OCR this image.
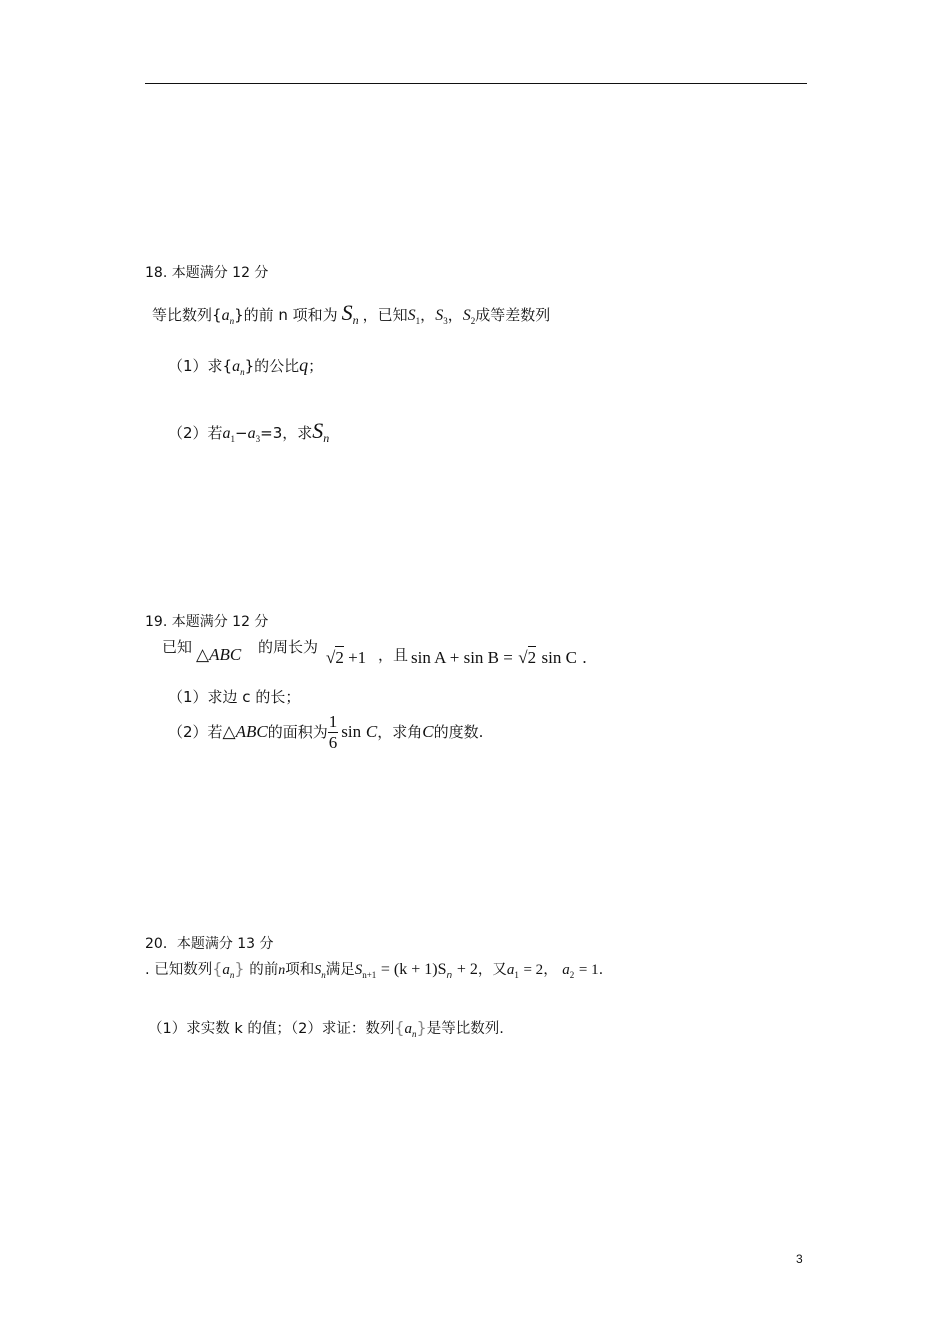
18. 本题满分 12 分
等比数列$\{a_n\}$的前 n 项和为 Sn ，已知$S_1$，$S_3$，$S_2$成等差数列
（1）求$\{a_n\}$的公比q；
（2）若$a_1-a_3=3$，求Sn
19. 本题满分 12 分
已知 △ABC 的周长为
√2 +1 ，且 sin A + sin B = √2 sin C .
（1）求边 c 的长；
（2）若△ABC的面积为 $\frac{1}{6}$ sin C，求角C的度数.
20．本题满分 13 分
. 已知数列$\{a_n\}$ 的前n项和$S_n$满足$S_{n+1} = (k + 1)S_n + 2$，又$a_1 = 2$， $a_2 = 1$.
（1）求实数 k 的值；（2）求证：数列$\{a_n\}$是等比数列.
3
